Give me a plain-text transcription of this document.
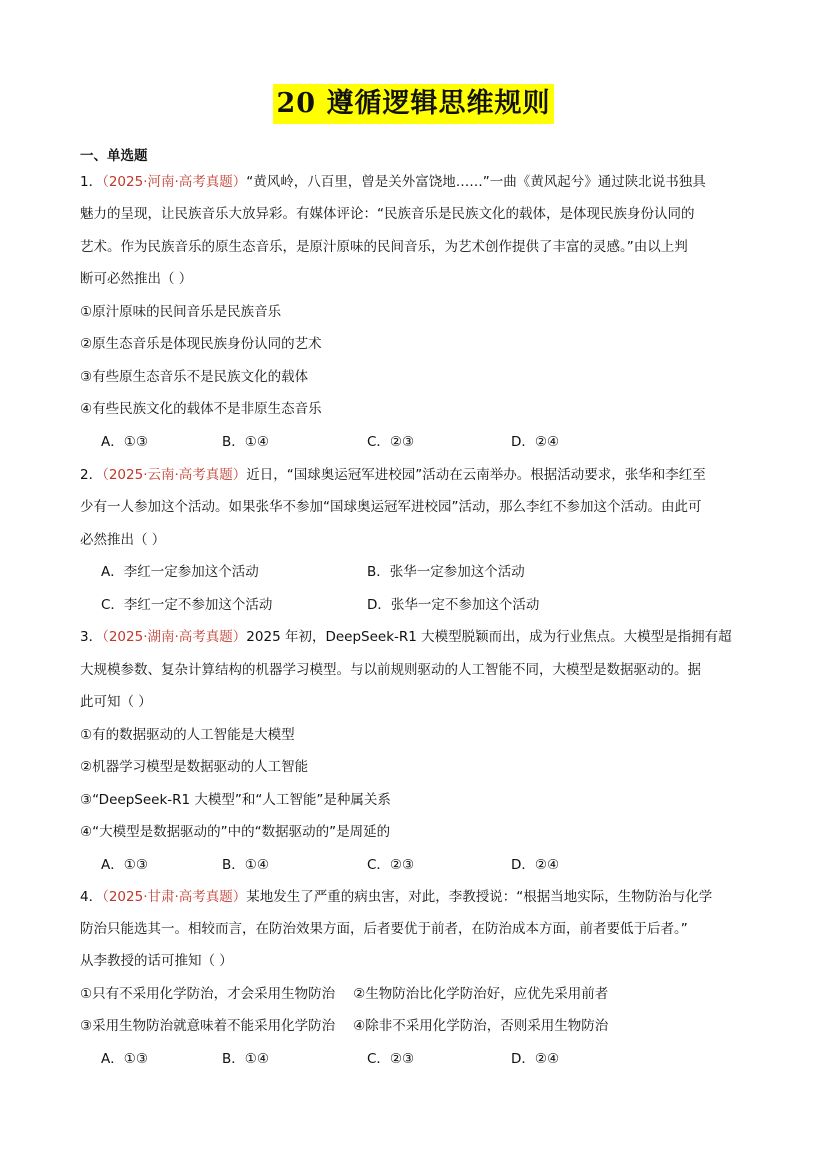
20 遵循逻辑思维规则
一、单选题
1．（2025·河南·高考真题）“黄风岭，八百里，曾是关外富饶地……”一曲《黄风起兮》通过陕北说书独具
魅力的呈现，让民族音乐大放异彩。有媒体评论：“民族音乐是民族文化的载体，是体现民族身份认同的
艺术。作为民族音乐的原生态音乐，是原汁原味的民间音乐，为艺术创作提供了丰富的灵感。”由以上判
断可必然推出（ ）
①原汁原味的民间音乐是民族音乐
②原生态音乐是体现民族身份认同的艺术
③有些原生态音乐不是民族文化的载体
④有些民族文化的载体不是非原生态音乐
A．①③	B．①④	C．②③	D．②④
2．（2025·云南·高考真题）近日，“国球奥运冠军进校园”活动在云南举办。根据活动要求，张华和李红至
少有一人参加这个活动。如果张华不参加“国球奥运冠军进校园”活动，那么李红不参加这个活动。由此可
必然推出（ ）
A．李红一定参加这个活动	B．张华一定参加这个活动
C．李红一定不参加这个活动	D．张华一定不参加这个活动
3．（2025·湖南·高考真题）2025 年初，DeepSeek-R1 大模型脱颖而出，成为行业焦点。大模型是指拥有超
大规模参数、复杂计算结构的机器学习模型。与以前规则驱动的人工智能不同，大模型是数据驱动的。据
此可知（ ）
①有的数据驱动的人工智能是大模型
②机器学习模型是数据驱动的人工智能
③“DeepSeek-R1 大模型”和“人工智能”是种属关系
④“大模型是数据驱动的”中的“数据驱动的”是周延的
A．①③	B．①④	C．②③	D．②④
4．（2025·甘肃·高考真题）某地发生了严重的病虫害，对此，李教授说：“根据当地实际，生物防治与化学
防治只能选其一。相较而言，在防治效果方面，后者要优于前者，在防治成本方面，前者要低于后者。”
从李教授的话可推知（ ）
①只有不采用化学防治，才会采用生物防治 ②生物防治比化学防治好，应优先采用前者
③采用生物防治就意味着不能采用化学防治 ④除非不采用化学防治，否则采用生物防治
A．①③	B．①④	C．②③	D．②④
